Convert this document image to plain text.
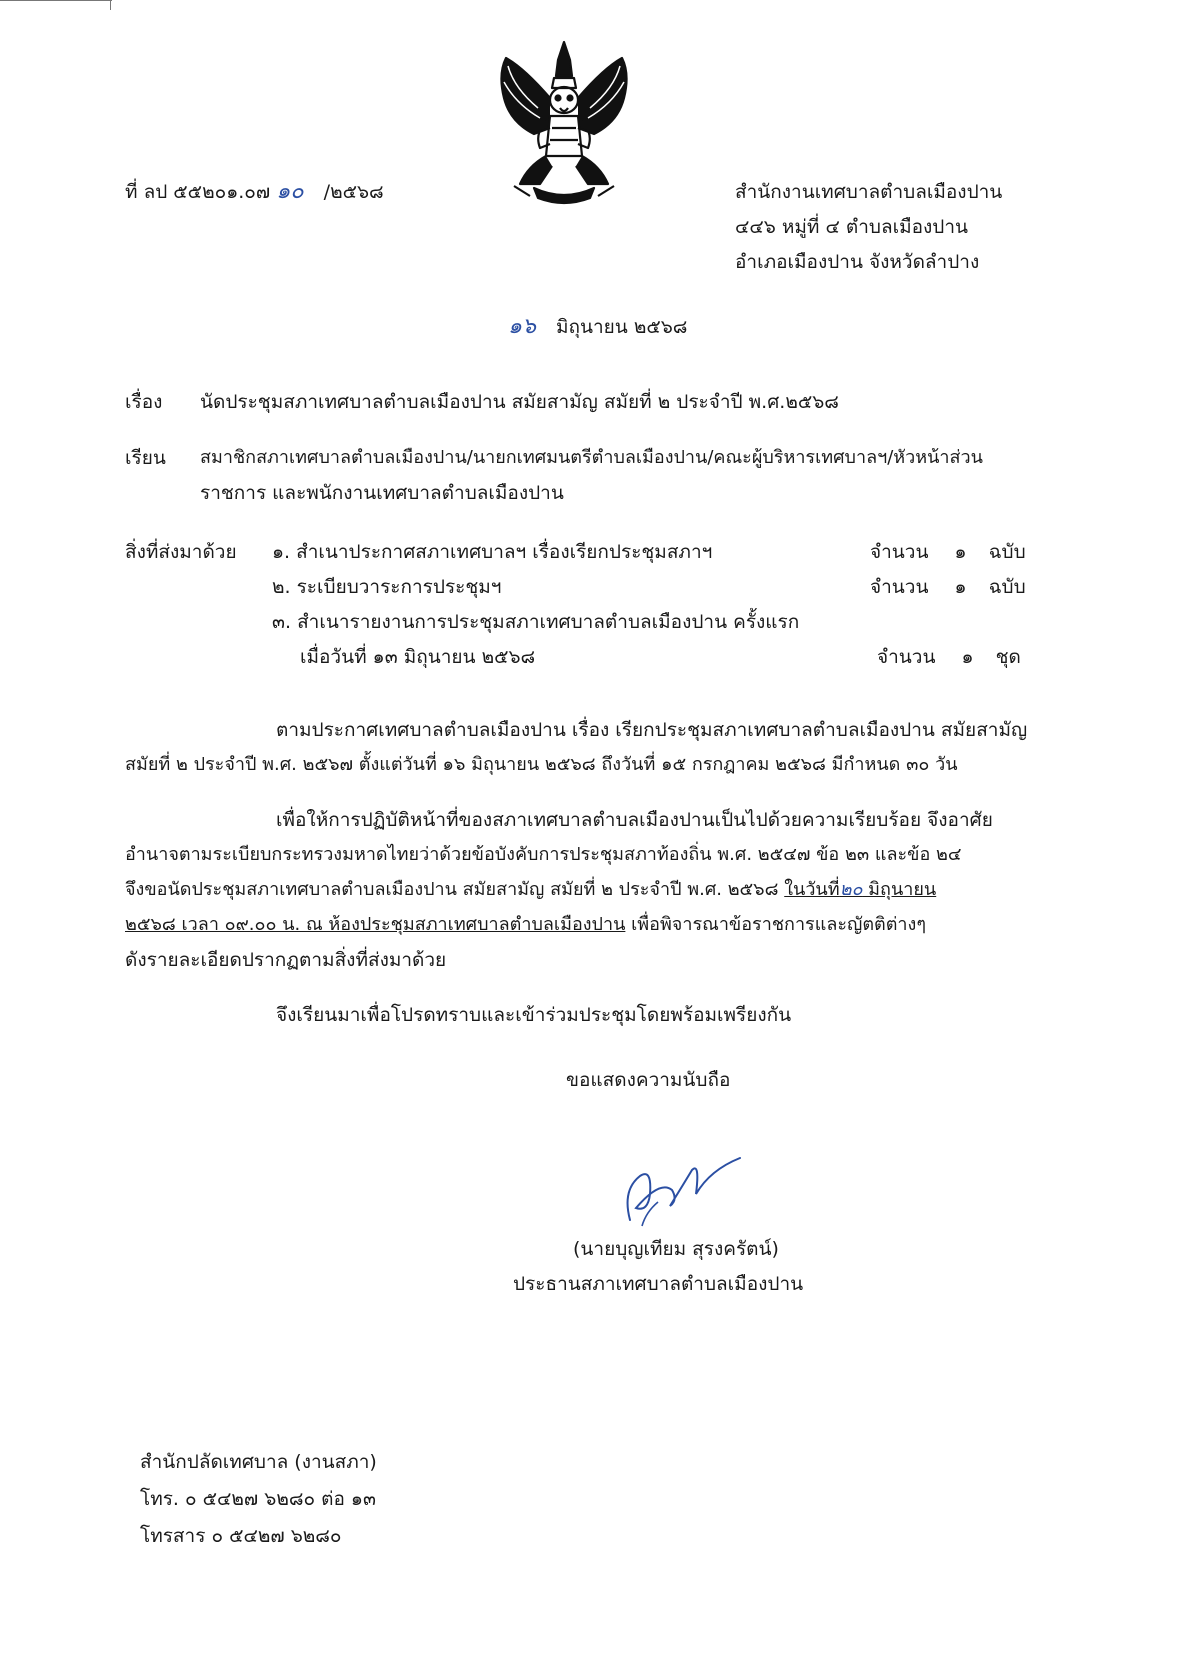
ที่ ลป ๕๕๒๐๑.๐๗ ๑๐ /๒๕๖๘	สำนักงานเทศบาลตำบลเมืองปาน
๔๔๖ หมู่ที่ ๔ ตำบลเมืองปาน
อำเภอเมืองปาน จังหวัดลำปาง
๑๖ มิถุนายน ๒๕๖๘
เรื่อง นัดประชุมสภาเทศบาลตำบลเมืองปาน สมัยสามัญ สมัยที่ ๒ ประจำปี พ.ศ.๒๕๖๘
เรียน สมาชิกสภาเทศบาลตำบลเมืองปาน/นายกเทศมนตรีตำบลเมืองปาน/คณะผู้บริหารเทศบาลฯ/หัวหน้าส่วน
ราชการ และพนักงานเทศบาลตำบลเมืองปาน
สิ่งที่ส่งมาด้วย ๑. สำเนาประกาศสภาเทศบาลฯ เรื่องเรียกประชุมสภาฯ	จำนวน ๑ ฉบับ
๒. ระเบียบวาระการประชุมฯ	จำนวน ๑ ฉบับ
๓. สำเนารายงานการประชุมสภาเทศบาลตำบลเมืองปาน ครั้งแรก
เมื่อวันที่ ๑๓ มิถุนายน ๒๕๖๘	จำนวน ๑ ชุด
ตามประกาศเทศบาลตำบลเมืองปาน เรื่อง เรียกประชุมสภาเทศบาลตำบลเมืองปาน สมัยสามัญ
สมัยที่ ๒ ประจำปี พ.ศ. ๒๕๖๗ ตั้งแต่วันที่ ๑๖ มิถุนายน ๒๕๖๘ ถึงวันที่ ๑๕ กรกฎาคม ๒๕๖๘ มีกำหนด ๓๐ วัน
เพื่อให้การปฏิบัติหน้าที่ของสภาเทศบาลตำบลเมืองปานเป็นไปด้วยความเรียบร้อย จึงอาศัย
อำนาจตามระเบียบกระทรวงมหาดไทยว่าด้วยข้อบังคับการประชุมสภาท้องถิ่น พ.ศ. ๒๕๔๗ ข้อ ๒๓ และข้อ ๒๔
จึงขอนัดประชุมสภาเทศบาลตำบลเมืองปาน สมัยสามัญ สมัยที่ ๒ ประจำปี พ.ศ. ๒๕๖๘ ในวันที่๒๐ มิถุนายน
๒๕๖๘ เวลา ๐๙.๐๐ น. ณ ห้องประชุมสภาเทศบาลตำบลเมืองปาน เพื่อพิจารณาข้อราชการและญัตติต่างๆ
ดังรายละเอียดปรากฏตามสิ่งที่ส่งมาด้วย
จึงเรียนมาเพื่อโปรดทราบและเข้าร่วมประชุมโดยพร้อมเพรียงกัน
ขอแสดงความนับถือ
(นายบุญเทียม สุรงครัตน์)
ประธานสภาเทศบาลตำบลเมืองปาน
สำนักปลัดเทศบาล (งานสภา)
โทร. ๐ ๕๔๒๗ ๖๒๘๐ ต่อ ๑๓
โทรสาร ๐ ๕๔๒๗ ๖๒๘๐
